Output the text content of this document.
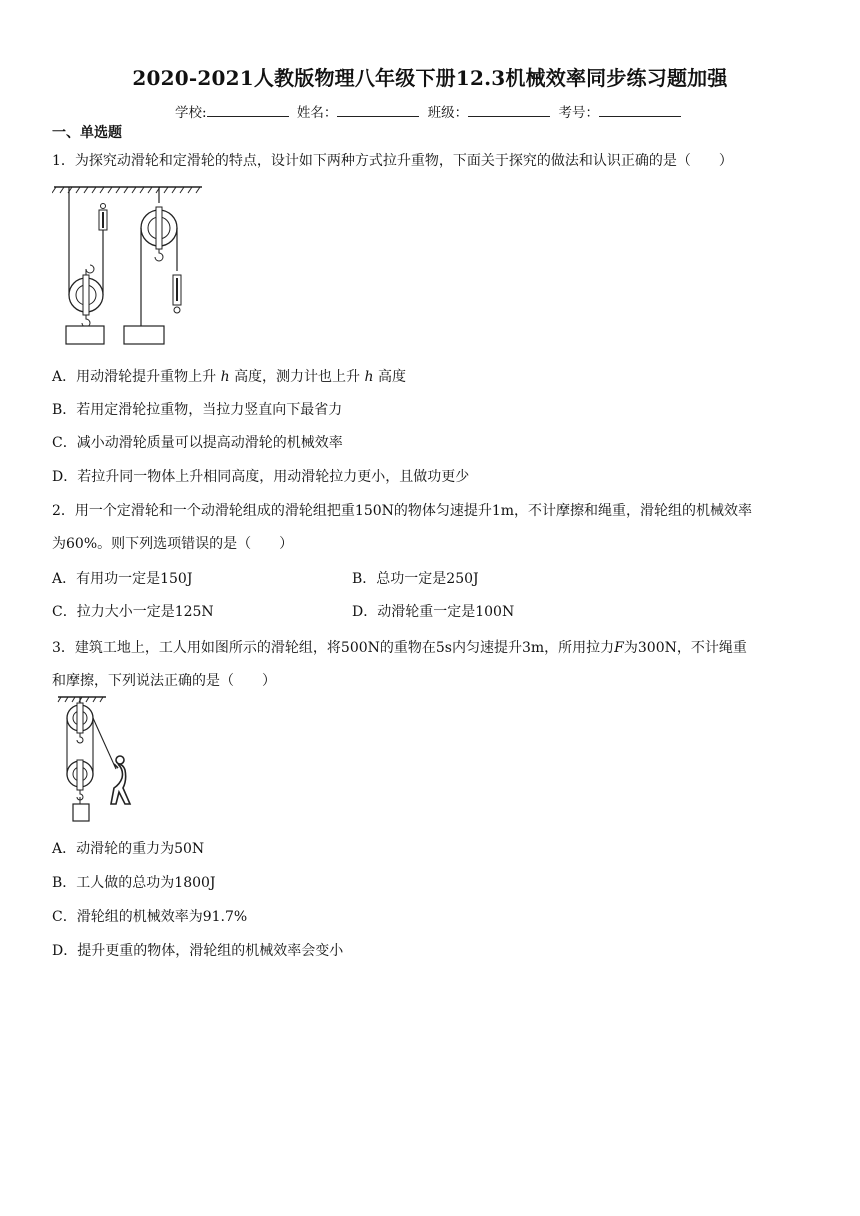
2020-2021人教版物理八年级下册12.3机械效率同步练习题加强
学校:	姓名：	班级：	考号：
一、单选题
1．为探究动滑轮和定滑轮的特点，设计如下两种方式拉升重物，下面关于探究的做法和认识正确的是（　　）
A．用动滑轮提升重物上升 h 高度，测力计也上升 h 高度
B．若用定滑轮拉重物，当拉力竖直向下最省力
C．减小动滑轮质量可以提高动滑轮的机械效率
D．若拉升同一物体上升相同高度，用动滑轮拉力更小，且做功更少
2．用一个定滑轮和一个动滑轮组成的滑轮组把重150N的物体匀速提升1m，不计摩擦和绳重，滑轮组的机械效率
为60%。则下列选项错误的是（　　）
A．有用功一定是150J	B．总功一定是250J
C．拉力大小一定是125N	D．动滑轮重一定是100N
3．建筑工地上，工人用如图所示的滑轮组，将500N的重物在5s内匀速提升3m，所用拉力F为300N，不计绳重
和摩擦，下列说法正确的是（　　）
A．动滑轮的重力为50N
B．工人做的总功为1800J
C．滑轮组的机械效率为91.7%
D．提升更重的物体，滑轮组的机械效率会变小
